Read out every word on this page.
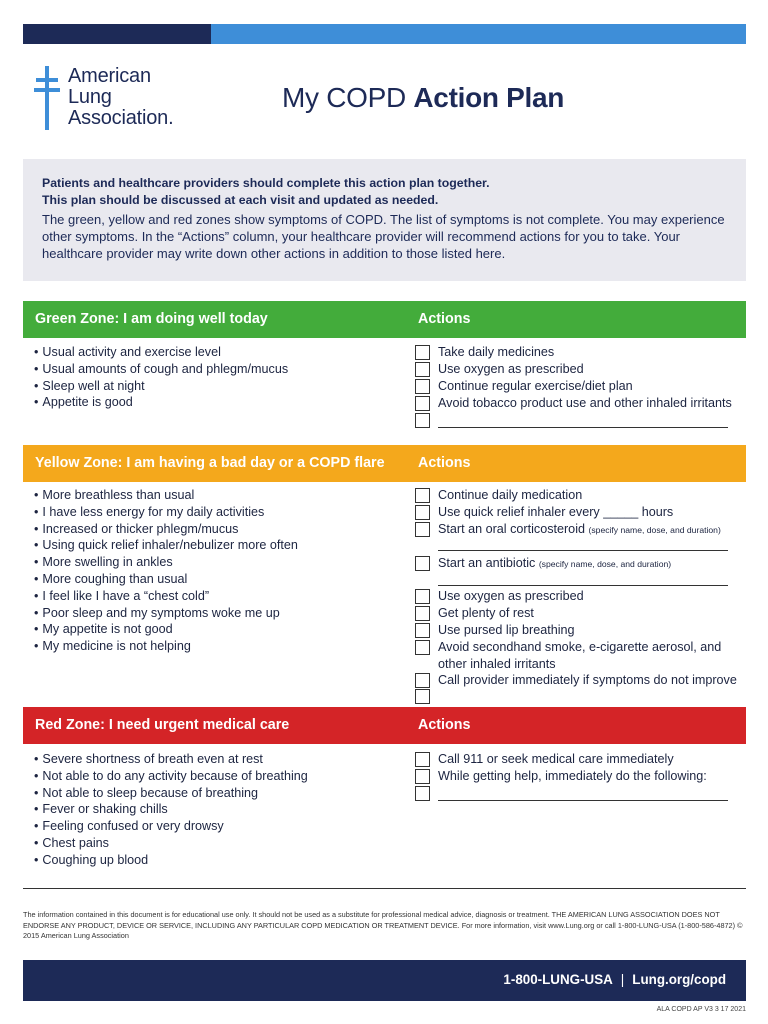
American
Lung
Association.
My COPD Action Plan
Patients and healthcare providers should complete this action plan together.
This plan should be discussed at each visit and updated as needed.
The green, yellow and red zones show symptoms of COPD. The list of symptoms is not complete. You may experience other symptoms. In the “Actions” column, your healthcare provider will recommend actions for you to take. Your healthcare provider may write down other actions in addition to those listed here.
Green Zone: I am doing well today	Actions
• Usual activity and exercise level
• Usual amounts of cough and phlegm/mucus
• Sleep well at night
• Appetite is good
Take daily medicines
Use oxygen as prescribed
Continue regular exercise/diet plan
Avoid tobacco product use and other inhaled irritants
Yellow Zone: I am having a bad day or a COPD flare Actions
• More breathless than usual
• I have less energy for my daily activities
• Increased or thicker phlegm/mucus
• Using quick relief inhaler/nebulizer more often
• More swelling in ankles
• More coughing than usual
• I feel like I have a “chest cold”
• Poor sleep and my symptoms woke me up
• My appetite is not good
• My medicine is not helping
Continue daily medication
Use quick relief inhaler every _____ hours
Start an oral corticosteroid (specify name, dose, and duration)
Start an antibiotic (specify name, dose, and duration)
Use oxygen as prescribed
Get plenty of rest
Use pursed lip breathing
Avoid secondhand smoke, e-cigarette aerosol, and
other inhaled irritants
Call provider immediately if symptoms do not improve
Red Zone: I need urgent medical care	Actions
• Severe shortness of breath even at rest
• Not able to do any activity because of breathing
• Not able to sleep because of breathing
• Fever or shaking chills
• Feeling confused or very drowsy
• Chest pains
• Coughing up blood
Call 911 or seek medical care immediately
While getting help, immediately do the following:
The information contained in this document is for educational use only. It should not be used as a substitute for professional medical advice, diagnosis or treatment. THE AMERICAN LUNG ASSOCIATION DOES NOT ENDORSE ANY PRODUCT, DEVICE OR SERVICE, INCLUDING ANY PARTICULAR COPD MEDICATION OR TREATMENT DEVICE. For more information, visit www.Lung.org or call 1-800-LUNG-USA (1-800-586-4872) © 2015 American Lung Association
1-800-LUNG-USA | Lung.org/copd
ALA COPD AP V3 3 17 2021
